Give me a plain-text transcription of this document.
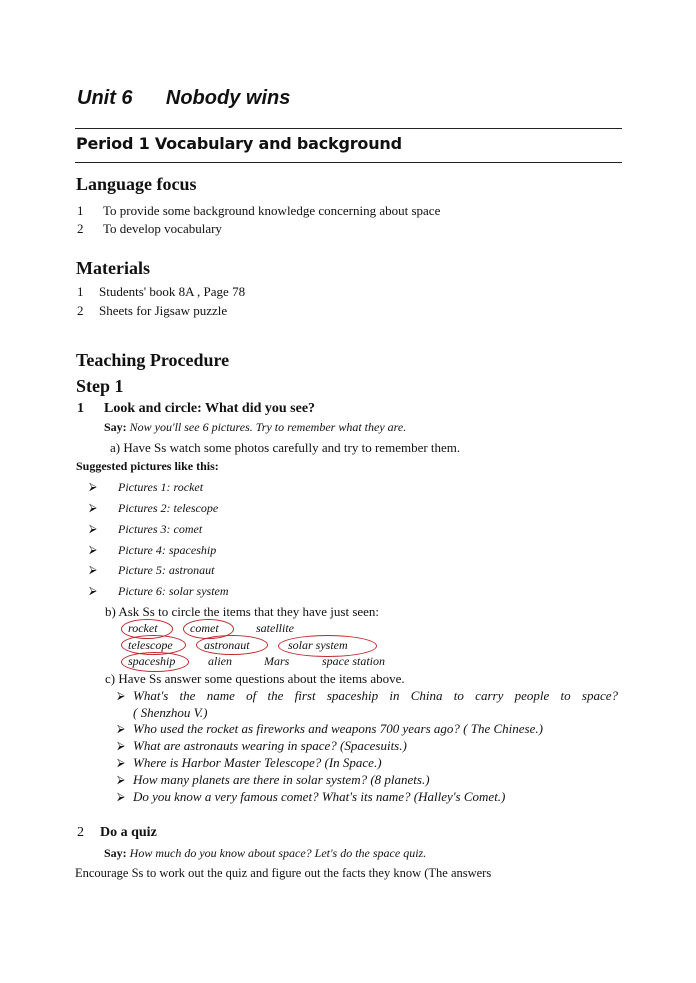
Unit 6      Nobody wins
Period 1 Vocabulary and background
Language focus
1 To provide some background knowledge concerning about space
2 To develop vocabulary
Materials
1 Students' book 8A , Page 78
2 Sheets for Jigsaw puzzle
Teaching Procedure
Step 1
1 Look and circle: What did you see?
Say: Now you'll see 6 pictures. Try to remember what they are.
a) Have Ss watch some photos carefully and try to remember them.
Suggested pictures like this:
⮚ Pictures 1: rocket
⮚ Pictures 2: telescope
⮚ Pictures 3: comet
⮚ Picture 4: spaceship
⮚ Picture 5: astronaut
⮚ Picture 6: solar system
b) Ask Ss to circle the items that they have just seen:
rocket	comet	satellite
telescope	astronaut	solar system
spaceship	alien	Mars	space station
c) Have Ss answer some questions about the items above.
⮚ What's the name of the first spaceship in China to carry people to space?
( Shenzhou V.)
⮚ Who used the rocket as fireworks and weapons 700 years ago? ( The Chinese.)
⮚ What are astronauts wearing in space? (Spacesuits.)
⮚ Where is Harbor Master Telescope? (In Space.)
⮚ How many planets are there in solar system? (8 planets.)
⮚ Do you know a very famous comet? What's its name? (Halley's Comet.)
2 Do a quiz
Say: How much do you know about space? Let's do the space quiz.
Encourage Ss to work out the quiz and figure out the facts they know (The answers
